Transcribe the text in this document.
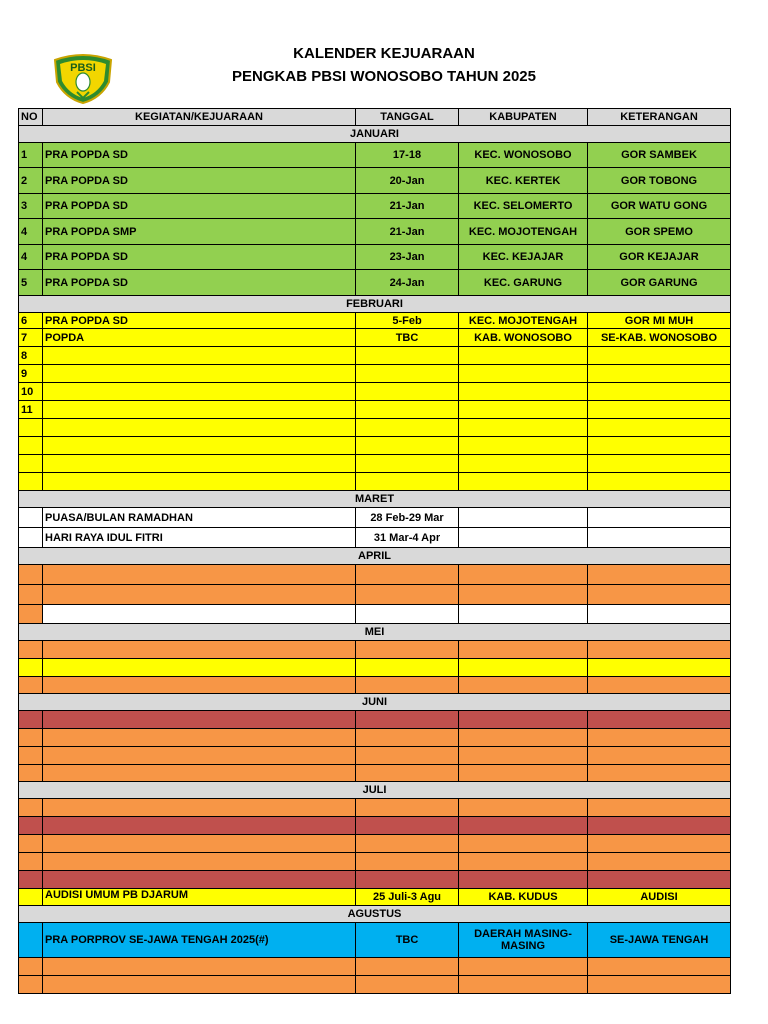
PBSI
KALENDER KEJUARAAN
PENGKAB PBSI WONOSOBO TAHUN 2025
NO	KEGIATAN/KEJUARAAN	TANGGAL	KABUPATEN	KETERANGAN
JANUARI				
1	PRA POPDA SD	17-18	KEC. WONOSOBO	GOR SAMBEK
2	PRA POPDA SD	20-Jan	KEC. KERTEK	GOR TOBONG
3	PRA POPDA SD	21-Jan	KEC. SELOMERTO	GOR WATU GONG
4	PRA POPDA SMP	21-Jan	KEC. MOJOTENGAH	GOR SPEMO
4	PRA POPDA SD	23-Jan	KEC. KEJAJAR	GOR KEJAJAR
5	PRA POPDA SD	24-Jan	KEC. GARUNG	GOR GARUNG
FEBRUARI				
6	PRA POPDA SD	5-Feb	KEC. MOJOTENGAH	GOR MI MUH
7	POPDA	TBC	KAB. WONOSOBO	SE-KAB. WONOSOBO
8				
9				
10				
11				

MARET				
	PUASA/BULAN RAMADHAN	28 Feb-29 Mar		
	HARI RAYA IDUL FITRI	31 Mar-4 Apr		
APRIL				

MEI				

JUNI				

JULI				

	AUDISI UMUM PB DJARUM	25 Juli-3 Agu	KAB. KUDUS	AUDISI
AGUSTUS				
	PRA PORPROV SE-JAWA TENGAH 2025(#)	TBC	DAERAH MASING-MASING	SE-JAWA TENGAH
